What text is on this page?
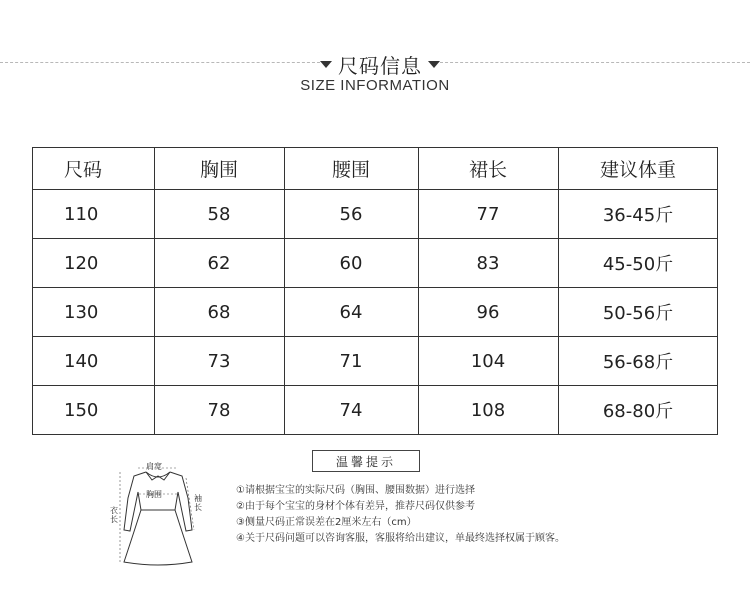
尺码信息
SIZE INFORMATION
尺码	胸围	腰围	裙长	建议体重
110	58	56	77	36-45斤
120	62	60	83	45-50斤
130	68	64	96	50-56斤
140	73	71	104	56-68斤
150	78	74	108	68-80斤
肩宽
胸围	袖长
衣长
温馨提示
①请根据宝宝的实际尺码（胸围、腰围数据）进行选择
②由于每个宝宝的身材个体有差异，推荐尺码仅供参考
③侧量尺码正常误差在2厘米左右（cm）
④关于尺码问题可以咨询客服，客服将给出建议，单最终选择权属于顾客。
